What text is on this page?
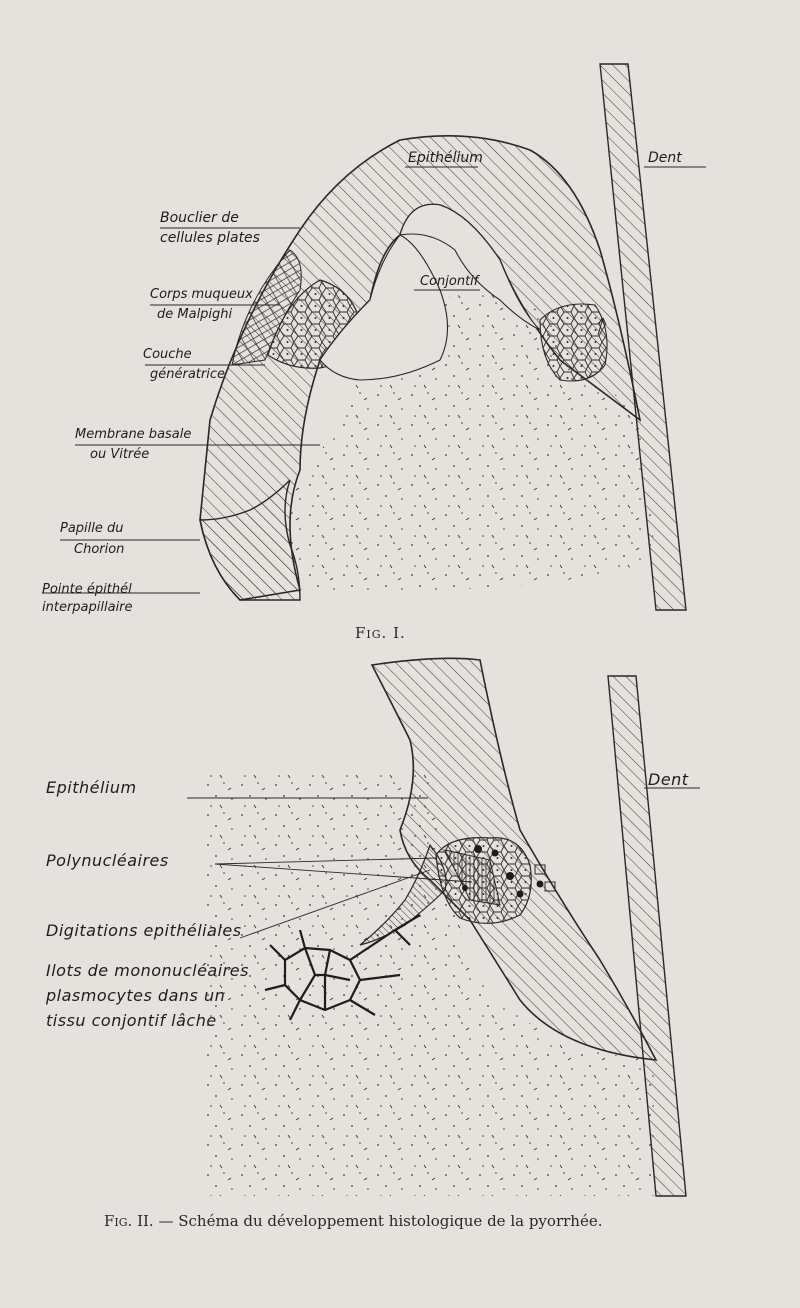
Epithélium	Dent
Bouclier de
cellules plates
Conjontif
Corps muqueux
de Malpighi
Couche
génératrice
Membrane basale
ou Vitrée
Papille du
Chorion
Pointe épithél
interpapillaire
Fig. I.
Dent
Epithélium
Polynucléaires
Digitations epithéliales
Ilots de mononucléaires
plasmocytes dans un
tissu conjontif lâche
Fig. II. — Schéma du développement histologique de la pyorrhée.
